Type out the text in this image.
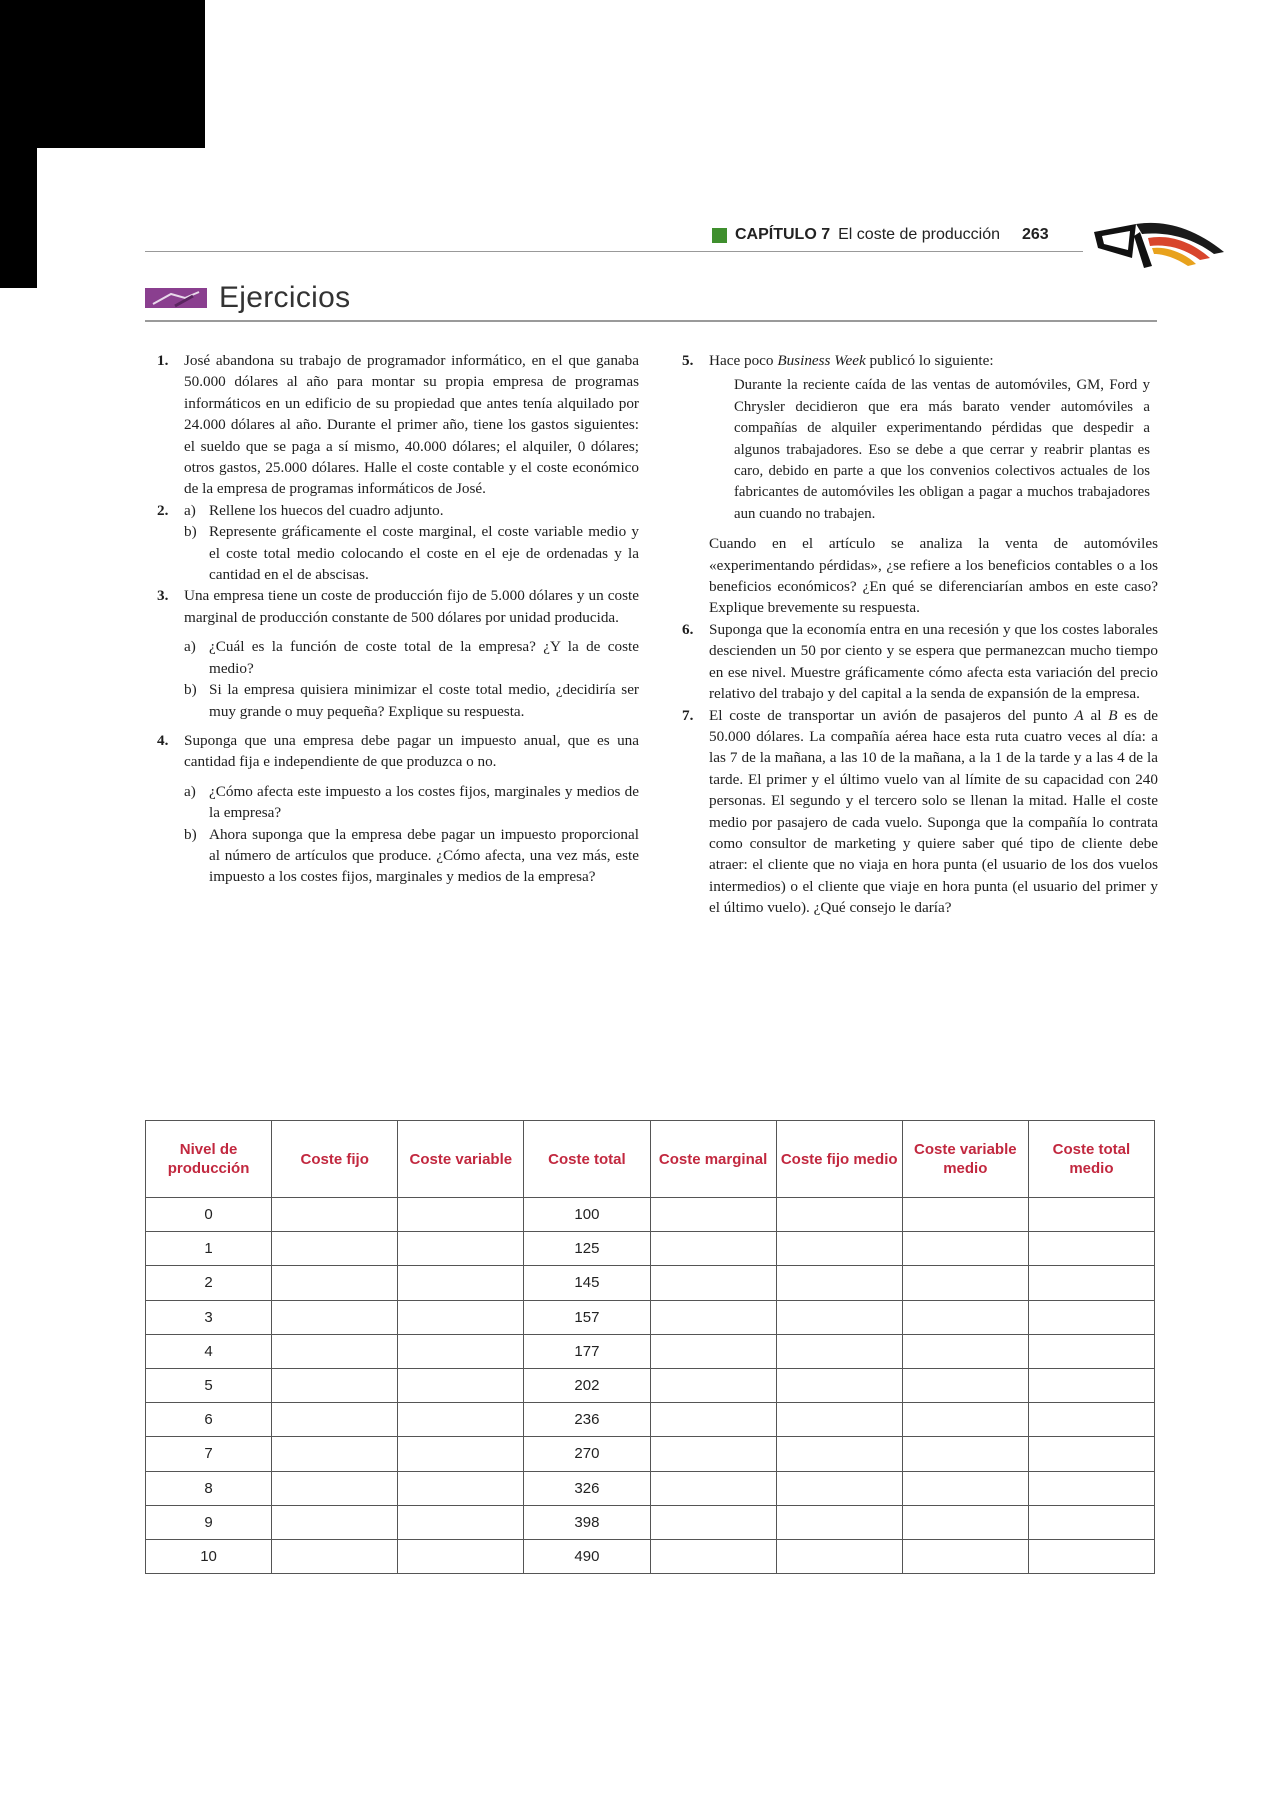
CAPÍTULO 7 El coste de producción 263
Ejercicios
1.	José abandona su trabajo de programador informático, en el que ganaba 50.000 dólares al año para montar su propia empresa de programas informáticos en un edificio de su propiedad que antes tenía alquilado por 24.000 dólares al año. Durante el primer año, tiene los gastos siguientes: el sueldo que se paga a sí mismo, 40.000 dólares; el alquiler, 0 dólares; otros gastos, 25.000 dólares. Halle el coste contable y el coste económico de la empresa de programas informáticos de José.
2.	a) Rellene los huecos del cuadro adjunto.
b) Represente gráficamente el coste marginal, el coste variable medio y el coste total medio colocando el coste en el eje de ordenadas y la cantidad en el de abscisas.
3.	Una empresa tiene un coste de producción fijo de 5.000 dólares y un coste marginal de producción constante de 500 dólares por unidad producida.
a) ¿Cuál es la función de coste total de la empresa? ¿Y la de coste medio?
b) Si la empresa quisiera minimizar el coste total medio, ¿decidiría ser muy grande o muy pequeña? Explique su respuesta.
4.	Suponga que una empresa debe pagar un impuesto anual, que es una cantidad fija e independiente de que produzca o no.
a) ¿Cómo afecta este impuesto a los costes fijos, marginales y medios de la empresa?
b) Ahora suponga que la empresa debe pagar un impuesto proporcional al número de artículos que produce. ¿Cómo afecta, una vez más, este impuesto a los costes fijos, marginales y medios de la empresa?
5.	Hace poco Business Week publicó lo siguiente:
Durante la reciente caída de las ventas de automóviles, GM, Ford y Chrysler decidieron que era más barato vender automóviles a compañías de alquiler experimentando pérdidas que despedir a algunos trabajadores. Eso se debe a que cerrar y reabrir plantas es caro, debido en parte a que los convenios colectivos actuales de los fabricantes de automóviles les obligan a pagar a muchos trabajadores aun cuando no trabajen.
Cuando en el artículo se analiza la venta de automóviles «experimentando pérdidas», ¿se refiere a los beneficios contables o a los beneficios económicos? ¿En qué se diferenciarían ambos en este caso? Explique brevemente su respuesta.
6.	Suponga que la economía entra en una recesión y que los costes laborales descienden un 50 por ciento y se espera que permanezcan mucho tiempo en ese nivel. Muestre gráficamente cómo afecta esta variación del precio relativo del trabajo y del capital a la senda de expansión de la empresa.
7.	El coste de transportar un avión de pasajeros del punto A al B es de 50.000 dólares. La compañía aérea hace esta ruta cuatro veces al día: a las 7 de la mañana, a las 10 de la mañana, a la 1 de la tarde y a las 4 de la tarde. El primer y el último vuelo van al límite de su capacidad con 240 personas. El segundo y el tercero solo se llenan la mitad. Halle el coste medio por pasajero de cada vuelo. Suponga que la compañía lo contrata como consultor de marketing y quiere saber qué tipo de cliente debe atraer: el cliente que no viaja en hora punta (el usuario de los dos vuelos intermedios) o el cliente que viaje en hora punta (el usuario del primer y el último vuelo). ¿Qué consejo le daría?
Nivel de producción	Coste fijo	Coste variable	Coste total	Coste marginal	Coste fijo medio	Coste variable medio	Coste total medio
0			100				
1			125				
2			145				
3			157				
4			177				
5			202				
6			236				
7			270				
8			326				
9			398				
10			490				
